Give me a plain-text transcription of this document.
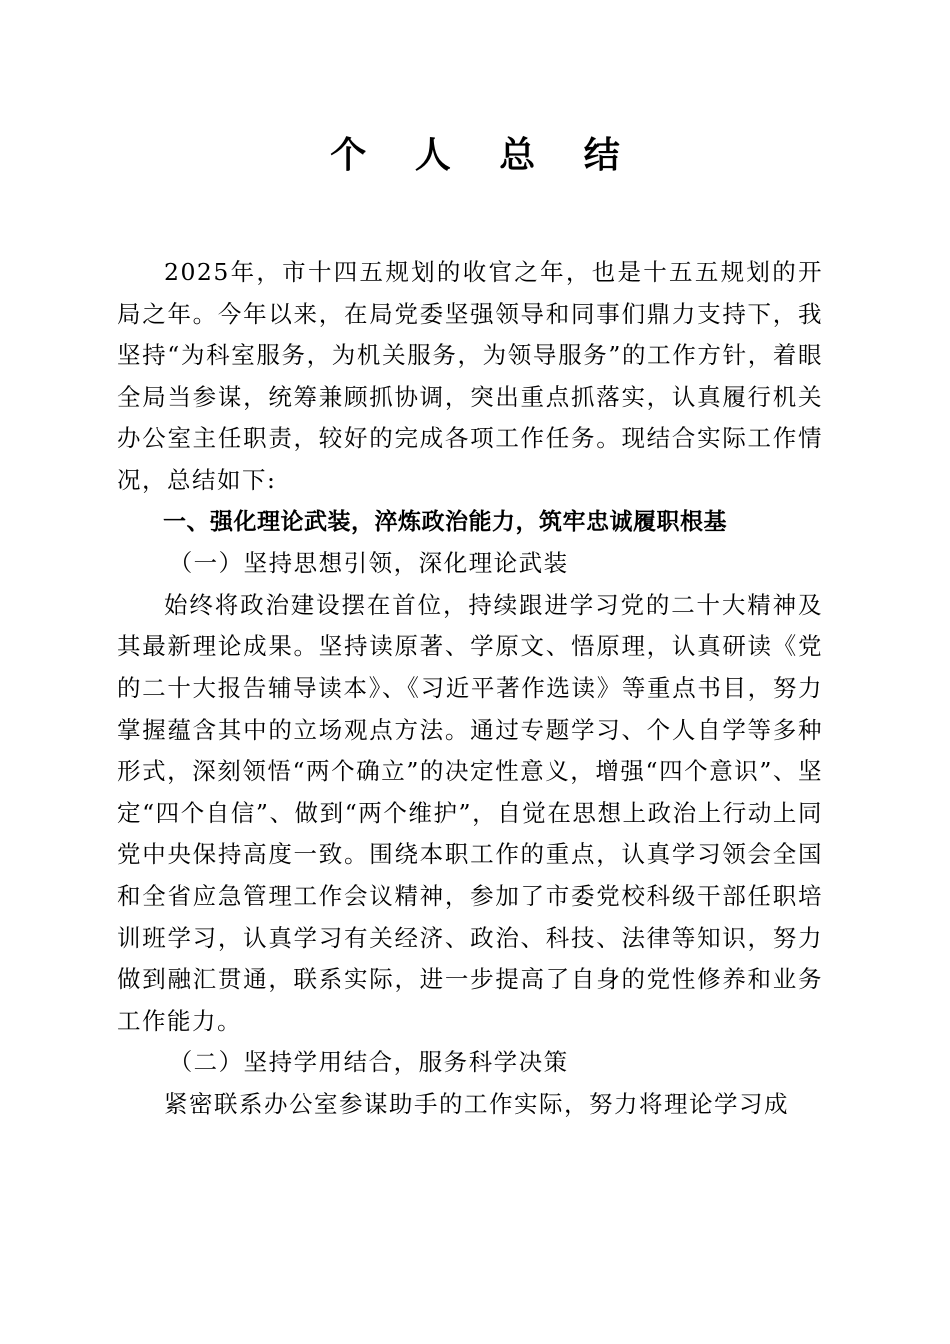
个 人 总 结

2025年，市十四五规划的收官之年，也是十五五规划的开局之年。今年以来，在局党委坚强领导和同事们鼎力支持下，我坚持“为科室服务，为机关服务，为领导服务”的工作方针，着眼全局当参谋，统筹兼顾抓协调，突出重点抓落实，认真履行机关办公室主任职责，较好的完成各项工作任务。现结合实际工作情况，总结如下:

一、强化理论武装，淬炼政治能力，筑牢忠诚履职根基

（一）坚持思想引领，深化理论武装

始终将政治建设摆在首位，持续跟进学习党的二十大精神及其最新理论成果。坚持读原著、学原文、悟原理，认真研读《党的二十大报告辅导读本》、《习近平著作选读》等重点书目，努力掌握蕴含其中的立场观点方法。通过专题学习、个人自学等多种形式，深刻领悟“两个确立”的决定性意义，增强“四个意识”、坚定“四个自信”、做到“两个维护”，自觉在思想上政治上行动上同党中央保持高度一致。围绕本职工作的重点，认真学习领会全国和全省应急管理工作会议精神，参加了市委党校科级干部任职培训班学习，认真学习有关经济、政治、科技、法律等知识，努力做到融汇贯通，联系实际，进一步提高了自身的党性修养和业务工作能力。

（二）坚持学用结合，服务科学决策

紧密联系办公室参谋助手的工作实际，努力将理论学习成
